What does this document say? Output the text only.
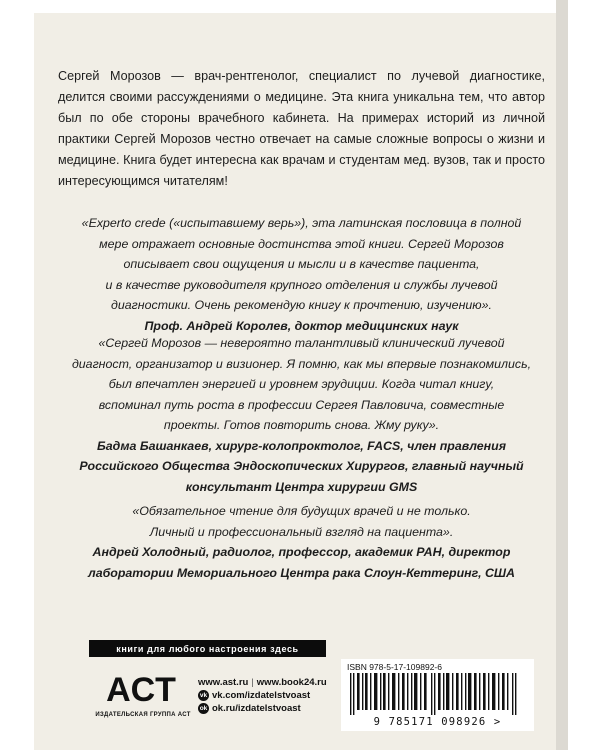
Сергей Морозов — врач-рентгенолог, специалист по лучевой диагностике, делится своими рассуждениями о медицине. Эта книга уникальна тем, что автор был по обе стороны врачебного кабинета. На примерах историй из личной практики Сергей Морозов честно отвечает на самые сложные вопросы о жизни и медицине. Книга будет интересна как врачам и студентам мед. вузов, так и просто интересующимся читателям!

«Experto crede («испытавшему верь»), эта латинская пословица в полной
мере отражает основные достинства этой книги. Сергей Морозов
описывает свои ощущения и мысли и в качестве пациента,
и в качестве руководителя крупного отделения и службы лучевой
диагностики. Очень рекомендую книгу к прочтению, изучению».
Проф. Андрей Королев, доктор медицинских наук
«Сергей Морозов — невероятно талантливый клинический лучевой
диагност, организатор и визионер. Я помню, как мы впервые познакомились,
был впечатлен энергией и уровнем эрудиции. Когда читал книгу,
вспоминал путь роста в профессии Сергея Павловича, совместные
проекты. Готов повторить снова. Жму руку».
Бадма Башанкаев, хирург-колопроктолог, FACS, член правления
Российского Общества Эндоскопических Хирургов, главный научный
консультант Центра хирургии GMS
«Обязательное чтение для будущих врачей и не только.
Личный и профессиональный взгляд на пациента».
Андрей Холодный, радиолог, профессор, академик РАН, директор
лаборатории Мемориального Центра рака Слоун-Кеттеринг, США
книги для любого настроения здесь
ACT
ИЗДАТЕЛЬСКАЯ ГРУППА АСТ
www.ast.ru | www.book24.ru
vk vk.com/izdatelstvoast
ok ok.ru/izdatelstvoast
ISBN 978-5-17-109892-6
9 785171 098926 >
